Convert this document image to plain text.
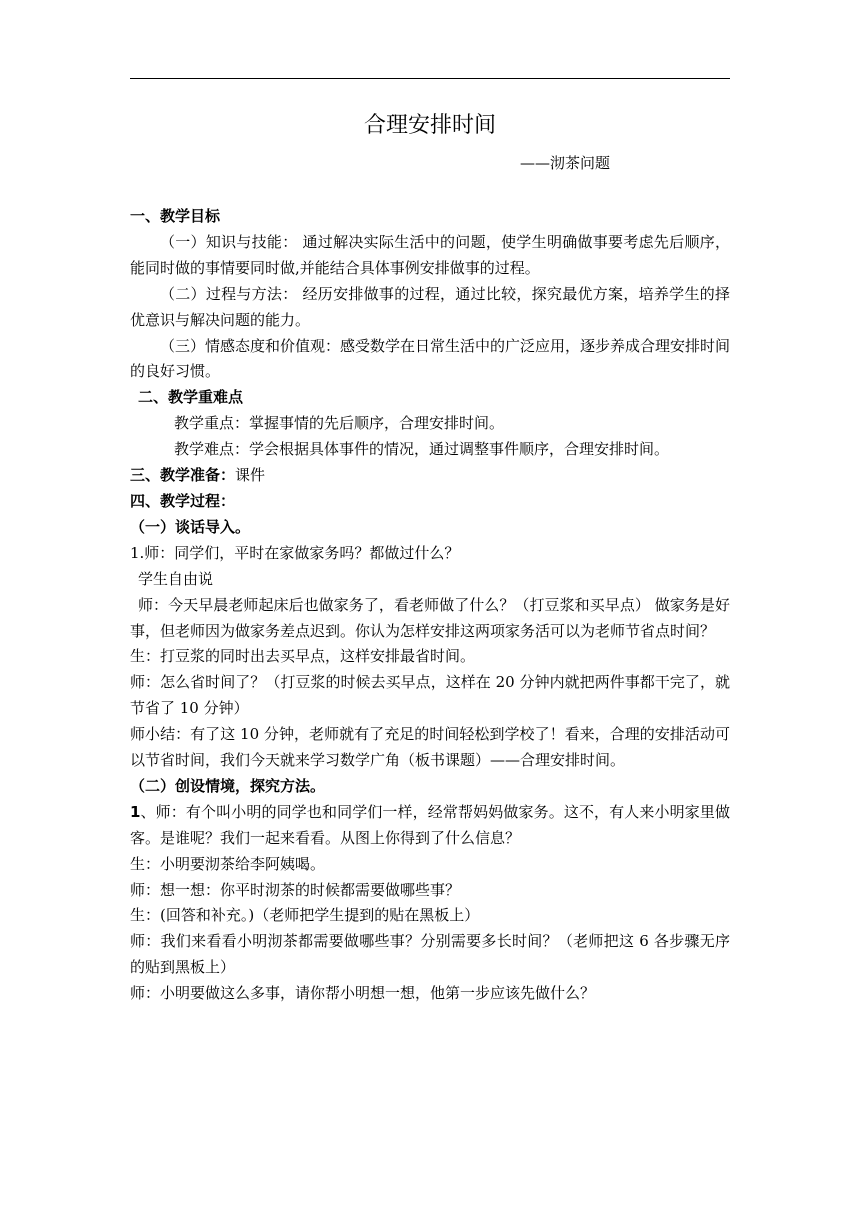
合理安排时间
——沏茶问题

一、教学目标

（一）知识与技能： 通过解决实际生活中的问题，使学生明确做事要考虑先后顺序，能同时做的事情要同时做,并能结合具体事例安排做事的过程。

（二）过程与方法： 经历安排做事的过程，通过比较，探究最优方案，培养学生的择优意识与解决问题的能力。

（三）情感态度和价值观：感受数学在日常生活中的广泛应用，逐步养成合理安排时间的良好习惯。

二、教学重难点

教学重点：掌握事情的先后顺序，合理安排时间。

教学难点：学会根据具体事件的情况，通过调整事件顺序，合理安排时间。

三、教学准备：课件

四、教学过程：

（一）谈话导入。

1.师：同学们，平时在家做家务吗？都做过什么？

学生自由说

师：今天早晨老师起床后也做家务了，看老师做了什么？（打豆浆和买早点） 做家务是好事，但老师因为做家务差点迟到。你认为怎样安排这两项家务活可以为老师节省点时间？

生：打豆浆的同时出去买早点，这样安排最省时间。

师：怎么省时间了？（打豆浆的时候去买早点，这样在 20 分钟内就把两件事都干完了，就节省了 10 分钟）

师小结：有了这 10 分钟，老师就有了充足的时间轻松到学校了！看来，合理的安排活动可以节省时间，我们今天就来学习数学广角（板书课题）——合理安排时间。

（二）创设情境，探究方法。

1、师：有个叫小明的同学也和同学们一样，经常帮妈妈做家务。这不，有人来小明家里做客。是谁呢？我们一起来看看。从图上你得到了什么信息？

生：小明要沏茶给李阿姨喝。

师：想一想：你平时沏茶的时候都需要做哪些事？

生：(回答和补充。)（老师把学生提到的贴在黑板上）

师：我们来看看小明沏茶都需要做哪些事？分别需要多长时间？（老师把这 6 各步骤无序的贴到黑板上）

师：小明要做这么多事，请你帮小明想一想，他第一步应该先做什么？
